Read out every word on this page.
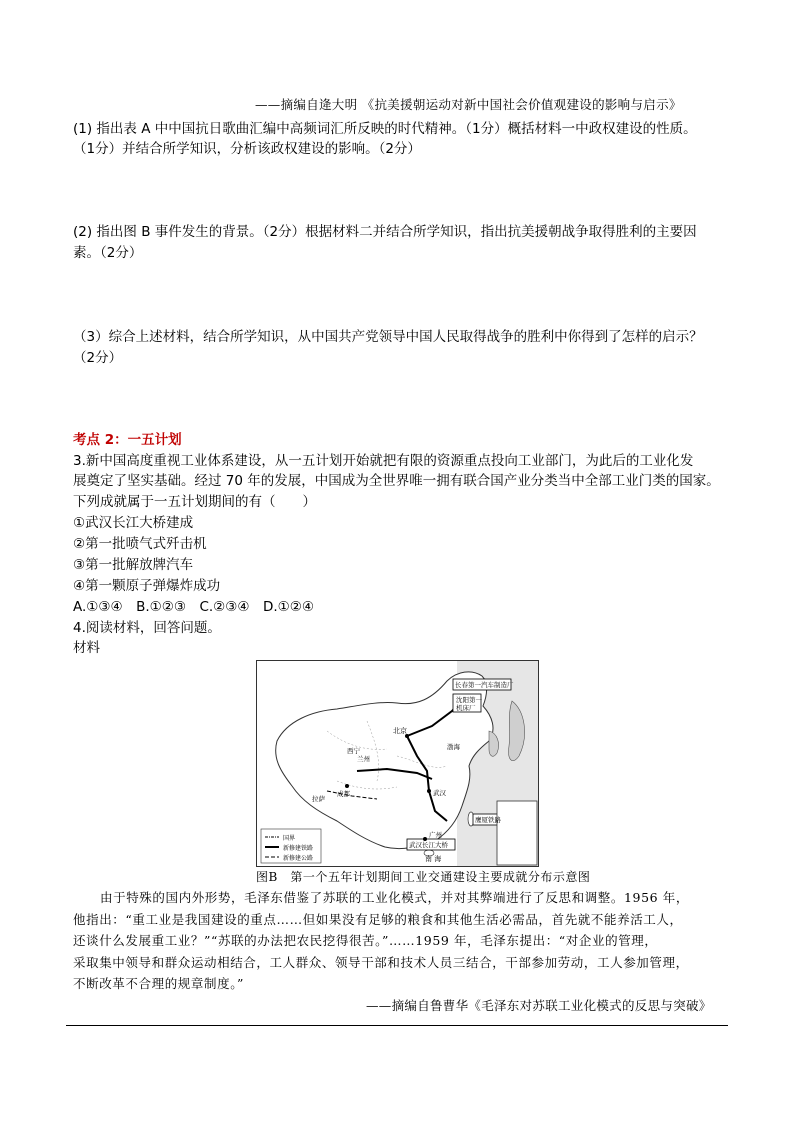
——摘编自逄大明 《抗美援朝运动对新中国社会价值观建设的影响与启示》
(1) 指出表 A 中中国抗日歌曲汇编中高频词汇所反映的时代精神。（1分）概括材料一中政权建设的性质。
（1分）并结合所学知识，分析该政权建设的影响。（2分）
(2) 指出图 B 事件发生的背景。（2分）根据材料二并结合所学知识，指出抗美援朝战争取得胜利的主要因
素。（2分）
（3）综合上述材料，结合所学知识，从中国共产党领导中国人民取得战争的胜利中你得到了怎样的启示？
（2分）
考点 2：一五计划
3.新中国高度重视工业体系建设，从一五计划开始就把有限的资源重点投向工业部门，为此后的工业化发
展奠定了坚实基础。经过 70 年的发展，中国成为全世界唯一拥有联合国产业分类当中全部工业门类的国家。
下列成就属于一五计划期间的有（　　）
①武汉长江大桥建成
②第一批喷气式歼击机
③第一批解放牌汽车
④第一颗原子弹爆炸成功
A.①③④　B.①②③　C.②③④　D.①②④
4.阅读材料，回答问题。
材料
长春第一汽车制造厂
沈阳第一
机床厂
北京
武汉长江大桥
鹰厦铁路
广州
南 海
渤海
成都
兰州
西宁
拉萨
武汉
国界
新修建铁路
新修建公路
图B　第一个五年计划期间工业交通建设主要成就分布示意图
由于特殊的国内外形势，毛泽东借鉴了苏联的工业化模式，并对其弊端进行了反思和调整。1956 年，
他指出：“重工业是我国建设的重点……但如果没有足够的粮食和其他生活必需品，首先就不能养活工人，
还谈什么发展重工业？”“苏联的办法把农民挖得很苦。”……1959 年，毛泽东提出：“对企业的管理，
采取集中领导和群众运动相结合，工人群众、领导干部和技术人员三结合，干部参加劳动，工人参加管理，
不断改革不合理的规章制度。”
——摘编自鲁曹华《毛泽东对苏联工业化模式的反思与突破》
